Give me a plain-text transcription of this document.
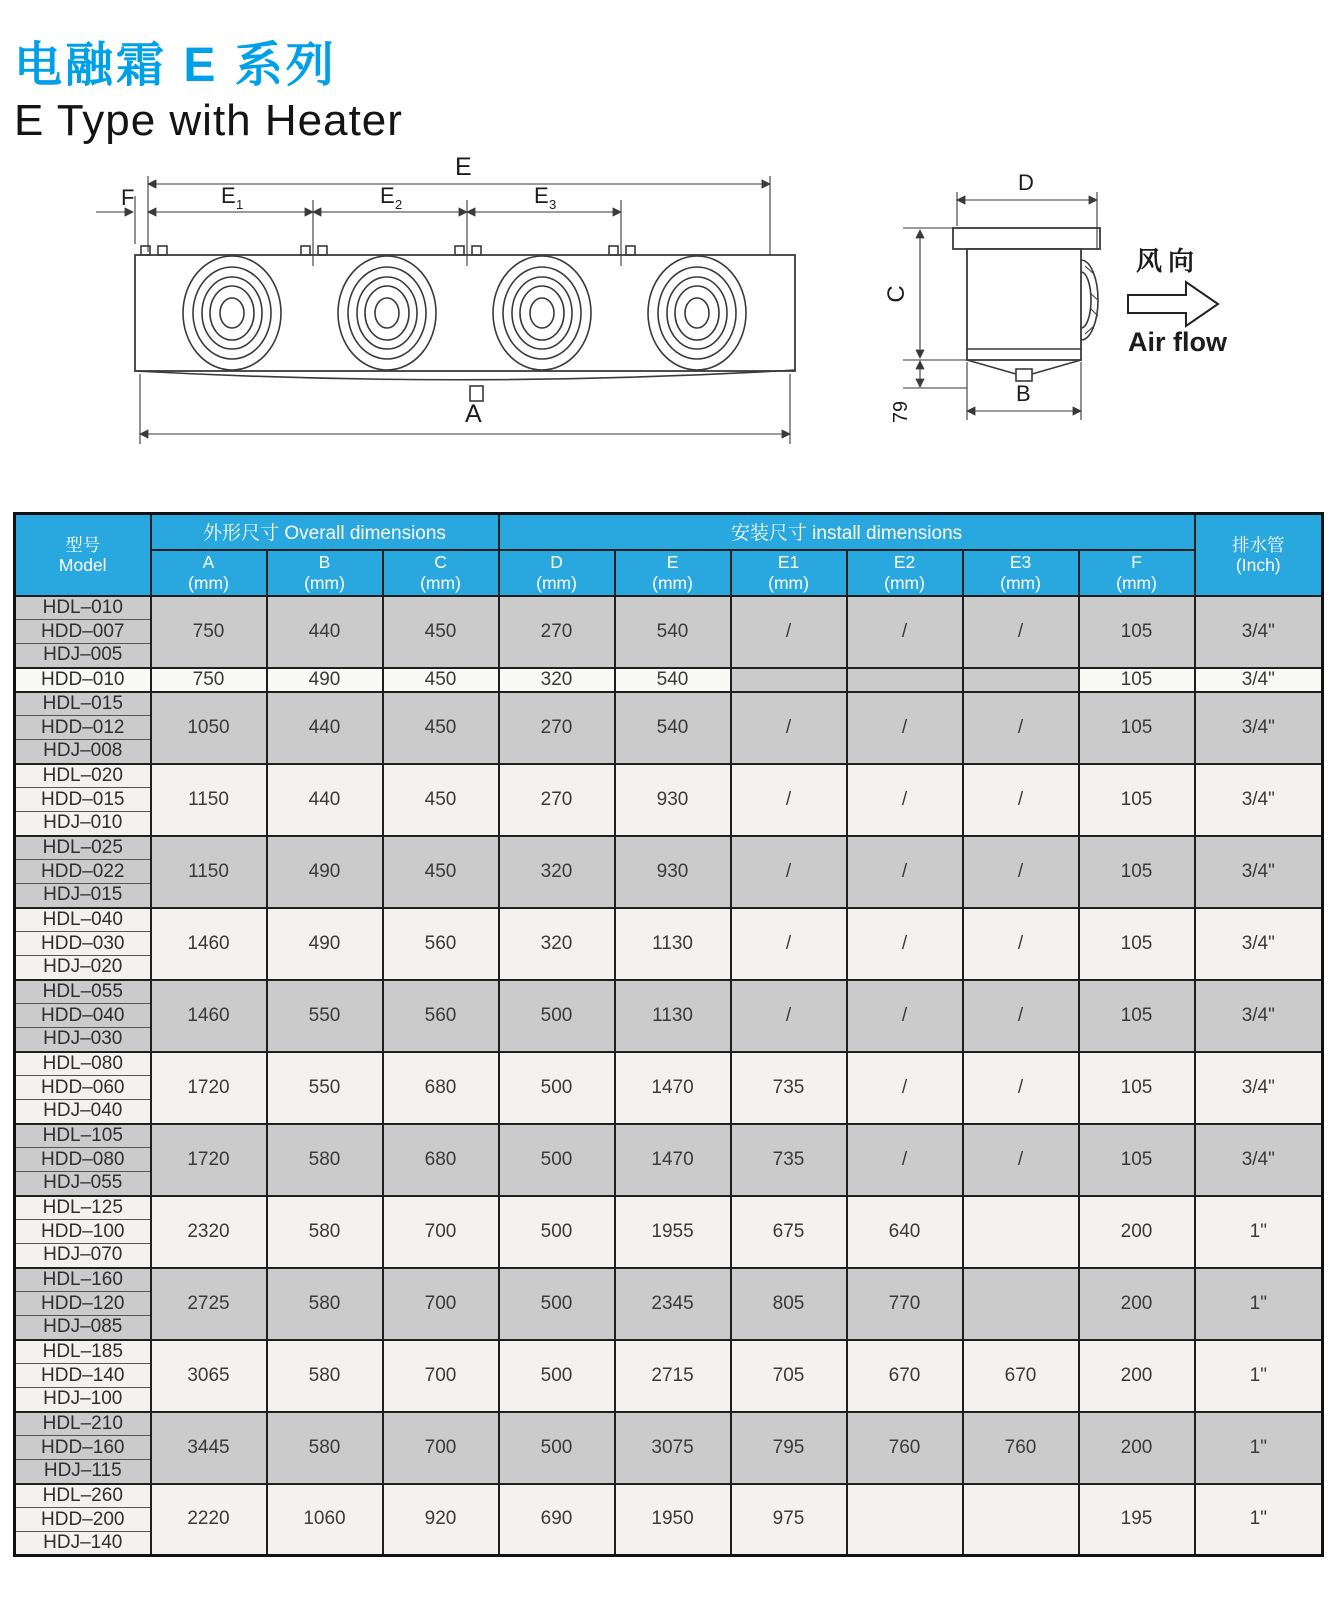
电融霜 E 系列
E Type with Heater
E
E 1	E 2	E 3
F
A
D
C
79
B
风向
Air flow
型号
Model	外形尺寸 Overall dimensions			安装尺寸 install dimensions						排水管
(Inch)

	A
(mm)	B
(mm)	C
(mm)	D
(mm)	E
(mm)	E1
(mm)	E2
(mm)	E3
(mm)	F
(mm)	

HDL–010	750	440	450	270	540	/	/	/	105	3/4"
HDD–007										
HDJ–005										
HDD–010	750	490	450	320	540				105	3/4"
HDL–015	1050	440	450	270	540	/	/	/	105	3/4"
HDD–012										
HDJ–008										
HDL–020	1150	440	450	270	930	/	/	/	105	3/4"
HDD–015										
HDJ–010										
HDL–025	1150	490	450	320	930	/	/	/	105	3/4"
HDD–022										
HDJ–015										
HDL–040	1460	490	560	320	1130	/	/	/	105	3/4"
HDD–030										
HDJ–020										
HDL–055	1460	550	560	500	1130	/	/	/	105	3/4"
HDD–040										
HDJ–030										
HDL–080	1720	550	680	500	1470	735	/	/	105	3/4"
HDD–060										
HDJ–040										
HDL–105	1720	580	680	500	1470	735	/	/	105	3/4"
HDD–080										
HDJ–055										
HDL–125	2320	580	700	500	1955	675	640		200	1"
HDD–100										
HDJ–070										
HDL–160	2725	580	700	500	2345	805	770		200	1"
HDD–120										
HDJ–085										
HDL–185	3065	580	700	500	2715	705	670	670	200	1"
HDD–140										
HDJ–100										
HDL–210	3445	580	700	500	3075	795	760	760	200	1"
HDD–160										
HDJ–115										
HDL–260	2220	1060	920	690	1950	975			195	1"
HDD–200										
HDJ–140										
